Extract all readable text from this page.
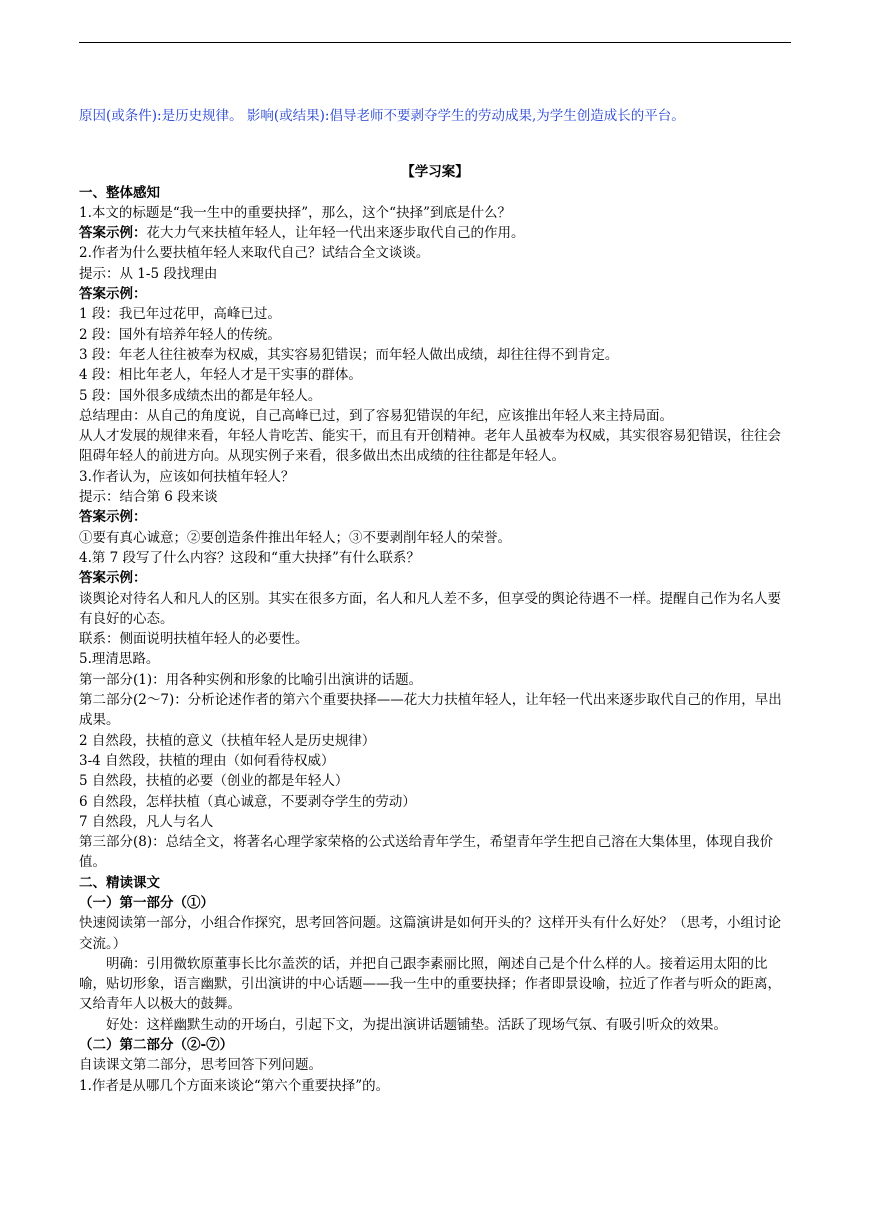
原因(或条件):是历史规律。 影响(或结果):倡导老师不要剥夺学生的劳动成果,为学生创造成长的平台。
【学习案】
一、整体感知
1.本文的标题是“我一生中的重要抉择”，那么，这个“抉择”到底是什么？
答案示例：花大力气来扶植年轻人，让年轻一代出来逐步取代自己的作用。
2.作者为什么要扶植年轻人来取代自己？试结合全文谈谈。
提示：从 1-5 段找理由
答案示例：
1 段：我已年过花甲，高峰已过。
2 段：国外有培养年轻人的传统。
3 段：年老人往往被奉为权威，其实容易犯错误；而年轻人做出成绩，却往往得不到肯定。
4 段：相比年老人，年轻人才是干实事的群体。
5 段：国外很多成绩杰出的都是年轻人。
总结理由：从自己的角度说，自己高峰已过，到了容易犯错误的年纪，应该推出年轻人来主持局面。
从人才发展的规律来看，年轻人肯吃苦、能实干，而且有开创精神。老年人虽被奉为权威，其实很容易犯错误，往往会阻碍年轻人的前进方向。从现实例子来看，很多做出杰出成绩的往往都是年轻人。
3.作者认为，应该如何扶植年轻人？
提示：结合第 6 段来谈
答案示例：
①要有真心诚意；②要创造条件推出年轻人；③不要剥削年轻人的荣誉。
4.第 7 段写了什么内容？这段和“重大抉择”有什么联系？
答案示例：
谈舆论对待名人和凡人的区别。其实在很多方面，名人和凡人差不多，但享受的舆论待遇不一样。提醒自己作为名人要有良好的心态。
联系：侧面说明扶植年轻人的必要性。
5.理清思路。
第一部分(1)：用各种实例和形象的比喻引出演讲的话题。
第二部分(2～7)：分析论述作者的第六个重要抉择——花大力扶植年轻人，让年轻一代出来逐步取代自己的作用，早出成果。
2 自然段，扶植的意义（扶植年轻人是历史规律）
3-4 自然段，扶植的理由（如何看待权威）
5 自然段，扶植的必要（创业的都是年轻人）
6 自然段，怎样扶植（真心诚意，不要剥夺学生的劳动）
7 自然段，凡人与名人
第三部分(8)：总结全文，将著名心理学家荣格的公式送给青年学生，希望青年学生把自己溶在大集体里，体现自我价值。
二、精读课文
（一）第一部分（①）
快速阅读第一部分，小组合作探究，思考回答问题。这篇演讲是如何开头的？这样开头有什么好处？（思考，小组讨论交流。）
明确：引用微软原董事长比尔盖茨的话，并把自己跟李素丽比照，阐述自己是个什么样的人。接着运用太阳的比喻，贴切形象，语言幽默，引出演讲的中心话题——我一生中的重要抉择；作者即景设喻，拉近了作者与听众的距离，又给青年人以极大的鼓舞。
好处：这样幽默生动的开场白，引起下文，为提出演讲话题铺垫。活跃了现场气氛、有吸引听众的效果。
（二）第二部分（②-⑦）
自读课文第二部分，思考回答下列问题。
1.作者是从哪几个方面来谈论“第六个重要抉择”的。
